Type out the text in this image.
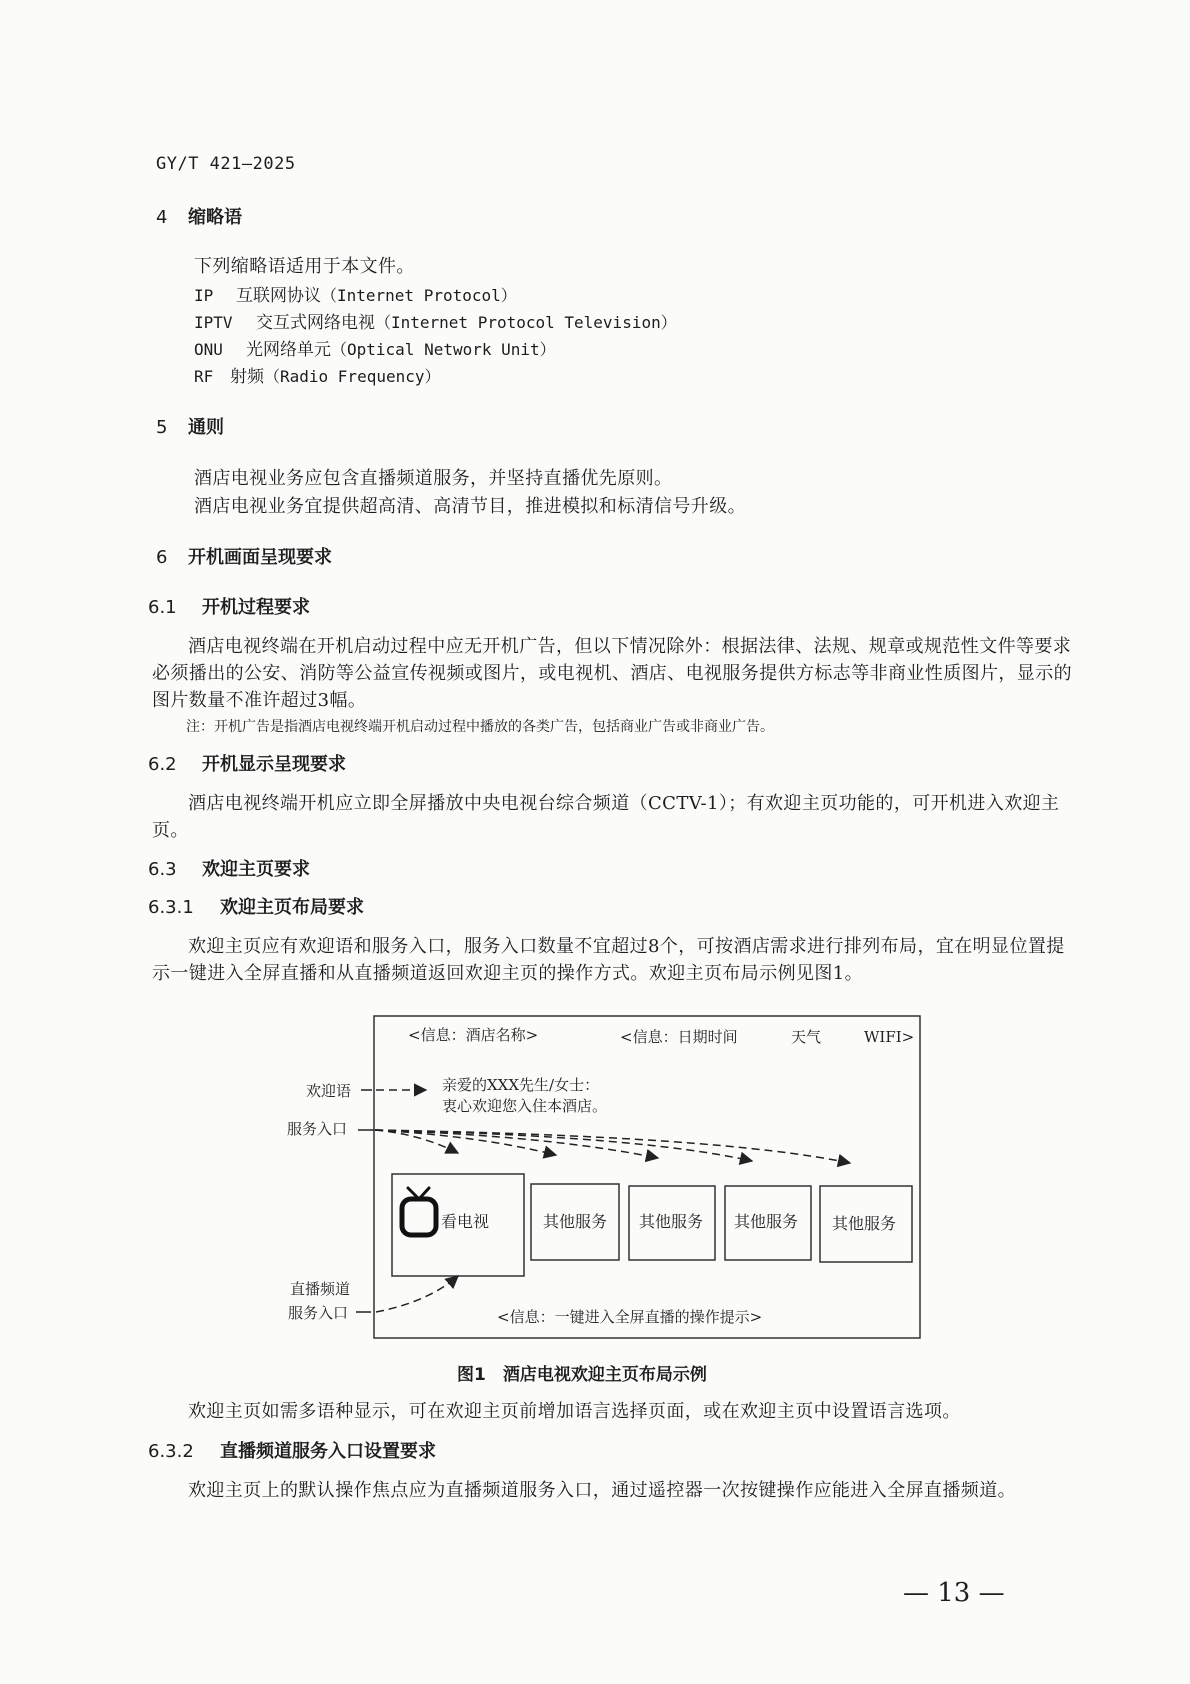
GY/T 421—2025
4 缩略语
下列缩略语适用于本文件。
IP 互联网协议（Internet Protocol）
IPTV 交互式网络电视（Internet Protocol Television）
ONU 光网络单元（Optical Network Unit）
RF 射频（Radio Frequency）
5 通则
酒店电视业务应包含直播频道服务，并坚持直播优先原则。
酒店电视业务宜提供超高清、高清节目，推进模拟和标清信号升级。
6 开机画面呈现要求
6.1 开机过程要求
酒店电视终端在开机启动过程中应无开机广告，但以下情况除外：根据法律、法规、规章或规范性文件等要求必须播出的公安、消防等公益宣传视频或图片，或电视机、酒店、电视服务提供方标志等非商业性质图片，显示的图片数量不准许超过3幅。
注：开机广告是指酒店电视终端开机启动过程中播放的各类广告，包括商业广告或非商业广告。
6.2 开机显示呈现要求
酒店电视终端开机应立即全屏播放中央电视台综合频道（CCTV-1）；有欢迎主页功能的，可开机进入欢迎主页。
6.3 欢迎主页要求
6.3.1 欢迎主页布局要求
欢迎主页应有欢迎语和服务入口，服务入口数量不宜超过8个，可按酒店需求进行排列布局，宜在明显位置提示一键进入全屏直播和从直播频道返回欢迎主页的操作方式。欢迎主页布局示例见图1。
<信息：酒店名称>	<信息：日期时间	天气	WIFI>
亲爱的XXX先生/女士：
衷心欢迎您入住本酒店。
欢迎语
服务入口
看电视	其他服务 其他服务 其他服务 其他服务
直播频道
服务入口	<信息：一键进入全屏直播的操作提示>
图1　酒店电视欢迎主页布局示例
欢迎主页如需多语种显示，可在欢迎主页前增加语言选择页面，或在欢迎主页中设置语言选项。
6.3.2 直播频道服务入口设置要求
欢迎主页上的默认操作焦点应为直播频道服务入口，通过遥控器一次按键操作应能进入全屏直播频道。
— 13 —
